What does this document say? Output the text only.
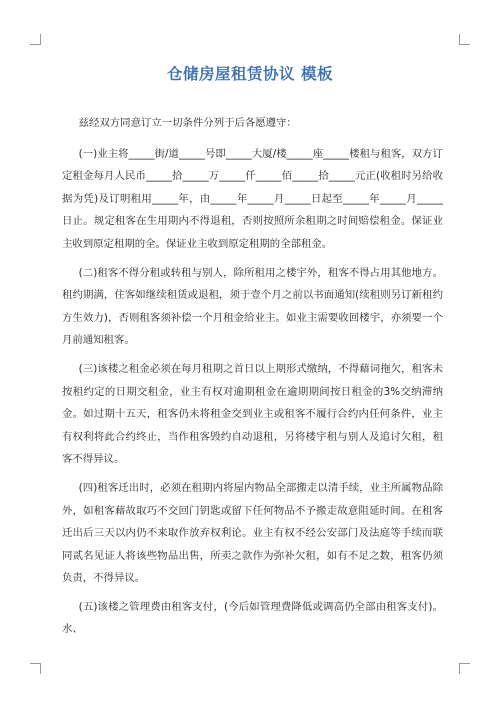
仓储房屋租赁协议 模板

兹经双方同意订立一切条件分列于后各愿遵守：

(一)业主将_____街/道_____号即_____大厦/楼_____座_____楼租与租客，双方订定租金每月人民币_____拾_____万_____仟_____佰_____拾_____元正(收租时另给收据为凭)及订明租用_____年，由_____年_____月_____日起至_____年_____月_____日止。规定租客在生用期内不得退租，否则按照所余租期之时间赔偿租金。保证业主收到原定租期的全。保证业主收到原定租期的全部租金。

(二)租客不得分租或转租与别人，除所租用之楼宇外，租客不得占用其他地方。租约期满，住客如继续租赁或退租，须于壹个月之前以书面通知(续租则另订新租约方生效力)，否则租客须补偿一个月租金给业主。如业主需要收回楼宇，亦须要一个月前通知租客。

(三)该楼之租金必须在每月租期之首日以上期形式缴纳，不得藉词拖欠，租客未按租约定的日期交租金，业主有权对逾期租金在逾期期间按日租金的3%交纳滞纳金。如过期十五天，租客仍未将租金交到业主或租客不履行合约内任何条件，业主有权利将此合约终止，当作租客毁约自动退租，另将楼宇租与别人及追讨欠租，租客不得异议。

(四)租客迁出时，必须在租期内将屋内物品全部搬走以清手续，业主所属物品除外，如租客藉故取巧不交回门钥匙或留下任何物品不予搬走故意阻延时间。在租客迁出后三天以内仍不来取作放弃权利论。业主有权不经公安部门及法庭等手续而联同贰名见证人将该些物品出售，所卖之款作为弥补欠租，如有不足之数，租客仍须负责，不得异议。

(五)该楼之管理费由租客支付，(今后如管理费降低或调高仍全部由租客支付)。水、
